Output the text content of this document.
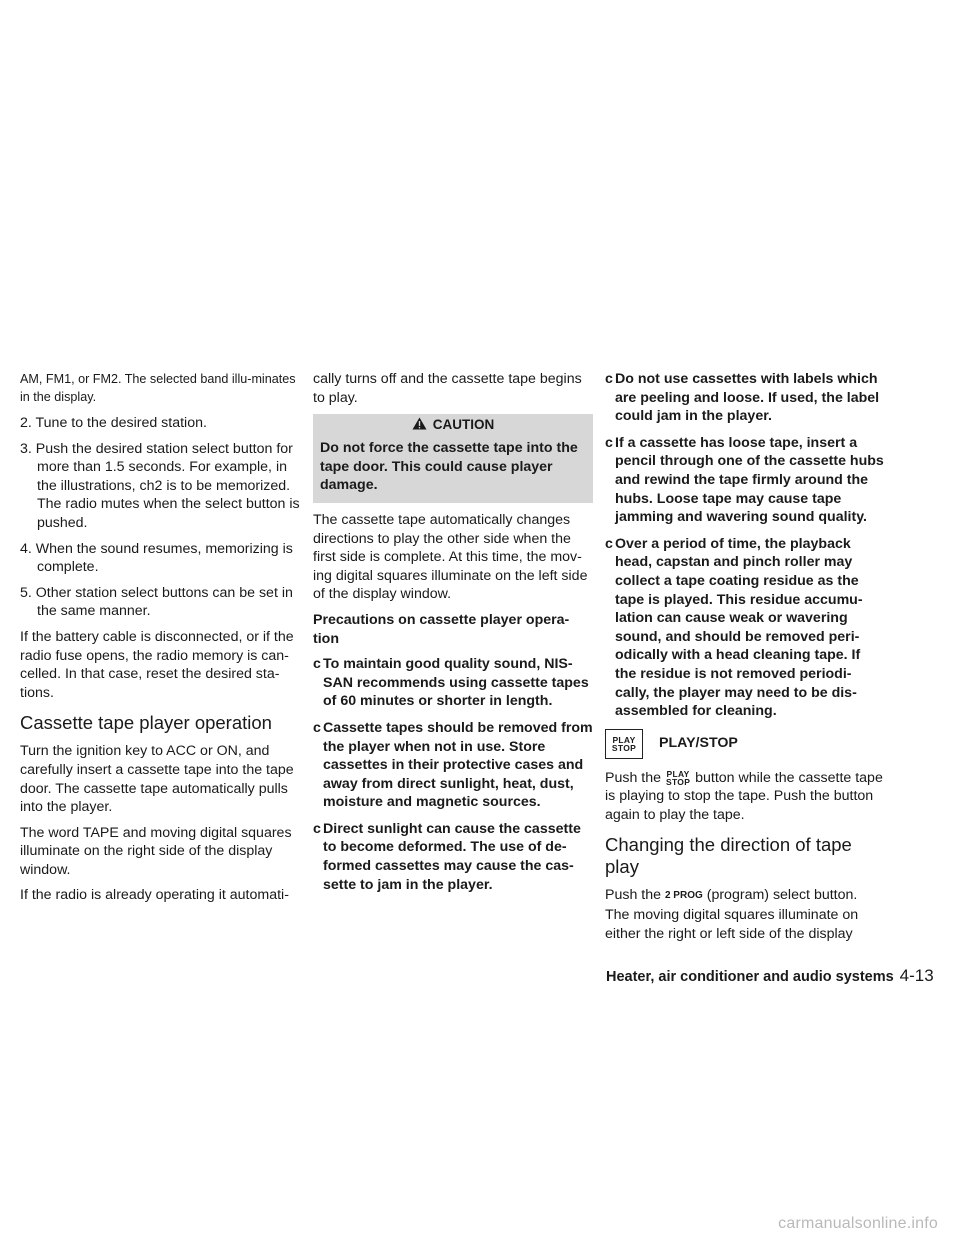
AM, FM1, or FM2. The selected band illu-minates in the display.

2. Tune to the desired station.

3. Push the desired station select button for more than 1.5 seconds. For example, in the illustrations, ch2 is to be memorized. The radio mutes when the select button is pushed.

4. When the sound resumes, memorizing is complete.

5. Other station select buttons can be set in the same manner.

If the battery cable is disconnected, or if the radio fuse opens, the radio memory is can-celled. In that case, reset the desired sta-tions.

Cassette tape player operation

Turn the ignition key to ACC or ON, and carefully insert a cassette tape into the tape door. The cassette tape automatically pulls into the player.

The word TAPE and moving digital squares illuminate on the right side of the display window.

If the radio is already operating it automati-

cally turns off and the cassette tape begins to play.

CAUTION

Do not force the cassette tape into the tape door. This could cause player damage.

The cassette tape automatically changes directions to play the other side when the first side is complete. At this time, the mov-ing digital squares illuminate on the left side of the display window.

Precautions on cassette player opera-tion

c To maintain good quality sound, NIS-SAN recommends using cassette tapes of 60 minutes or shorter in length.
c Cassette tapes should be removed from the player when not in use. Store cassettes in their protective cases and away from direct sunlight, heat, dust, moisture and magnetic sources.
c Direct sunlight can cause the cassette to become deformed. The use of de-formed cassettes may cause the cas-sette to jam in the player.
c Do not use cassettes with labels which are peeling and loose. If used, the label could jam in the player.
c If a cassette has loose tape, insert a pencil through one of the cassette hubs and rewind the tape firmly around the hubs. Loose tape may cause tape jamming and wavering sound quality.
c Over a period of time, the playback head, capstan and pinch roller may collect a tape coating residue as the tape is played. This residue accumu-lation can cause weak or wavering sound, and should be removed peri-odically with a head cleaning tape. If the residue is not removed periodi-cally, the player may need to be dis-assembled for cleaning.
PLAY
STOP	PLAY/STOP

Push the PLAY
STOP button while the cassette tape is playing to stop the tape. Push the button again to play the tape.

Changing the direction of tape play

Push the 2 PROG (program) select button. The moving digital squares illuminate on either the right or left side of the display

Heater, air conditioner and audio systems 4-13
carmanualsonline.info
